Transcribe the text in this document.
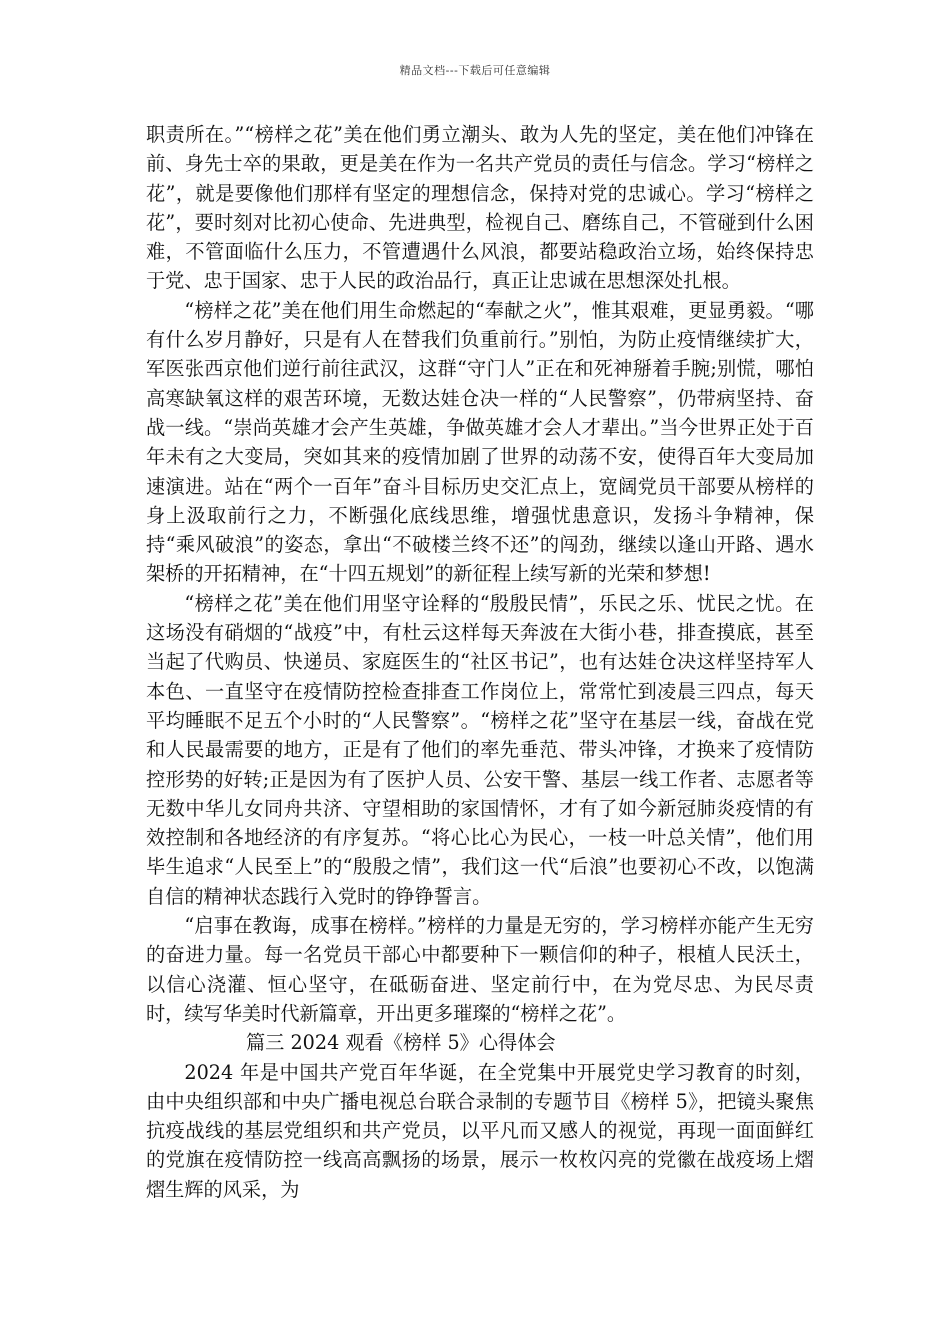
精品文档---下载后可任意编辑

职责所在。”“榜样之花”美在他们勇立潮头、敢为人先的坚定，美在他们冲锋在前、身先士卒的果敢，更是美在作为一名共产党员的责任与信念。学习“榜样之花”，就是要像他们那样有坚定的理想信念，保持对党的忠诚心。学习“榜样之花”，要时刻对比初心使命、先进典型，检视自己、磨练自己，不管碰到什么困难，不管面临什么压力，不管遭遇什么风浪，都要站稳政治立场，始终保持忠于党、忠于国家、忠于人民的政治品行，真正让忠诚在思想深处扎根。

“榜样之花”美在他们用生命燃起的“奉献之火”，惟其艰难，更显勇毅。“哪有什么岁月静好，只是有人在替我们负重前行。”别怕，为防止疫情继续扩大，军医张西京他们逆行前往武汉，这群“守门人”正在和死神掰着手腕;别慌，哪怕高寒缺氧这样的艰苦环境，无数达娃仓决一样的“人民警察”，仍带病坚持、奋战一线。“崇尚英雄才会产生英雄，争做英雄才会人才辈出。”当今世界正处于百年未有之大变局，突如其来的疫情加剧了世界的动荡不安，使得百年大变局加速演进。站在“两个一百年”奋斗目标历史交汇点上，宽阔党员干部要从榜样的身上汲取前行之力，不断强化底线思维，增强忧患意识，发扬斗争精神，保持“乘风破浪”的姿态，拿出“不破楼兰终不还”的闯劲，继续以逢山开路、遇水架桥的开拓精神，在“十四五规划”的新征程上续写新的光荣和梦想!

“榜样之花”美在他们用坚守诠释的“殷殷民情”，乐民之乐、忧民之忧。在这场没有硝烟的“战疫”中，有杜云这样每天奔波在大街小巷，排查摸底，甚至当起了代购员、快递员、家庭医生的“社区书记”，也有达娃仓决这样坚持军人本色、一直坚守在疫情防控检查排查工作岗位上，常常忙到凌晨三四点，每天平均睡眠不足五个小时的“人民警察”。“榜样之花”坚守在基层一线，奋战在党和人民最需要的地方，正是有了他们的率先垂范、带头冲锋，才换来了疫情防控形势的好转;正是因为有了医护人员、公安干警、基层一线工作者、志愿者等无数中华儿女同舟共济、守望相助的家国情怀，才有了如今新冠肺炎疫情的有效控制和各地经济的有序复苏。“将心比心为民心，一枝一叶总关情”，他们用毕生追求“人民至上”的“殷殷之情”，我们这一代“后浪”也要初心不改，以饱满自信的精神状态践行入党时的铮铮誓言。

“启事在教诲，成事在榜样。”榜样的力量是无穷的，学习榜样亦能产生无穷的奋进力量。每一名党员干部心中都要种下一颗信仰的种子，根植人民沃土，以信心浇灌、恒心坚守，在砥砺奋进、坚定前行中，在为党尽忠、为民尽责时，续写华美时代新篇章，开出更多璀璨的“榜样之花”。

篇三 2024 观看《榜样 5》心得体会

2024 年是中国共产党百年华诞，在全党集中开展党史学习教育的时刻，由中央组织部和中央广播电视总台联合录制的专题节目《榜样 5》，把镜头聚焦抗疫战线的基层党组织和共产党员，以平凡而又感人的视觉，再现一面面鲜红的党旗在疫情防控一线高高飘扬的场景，展示一枚枚闪亮的党徽在战疫场上熠熠生辉的风采，为
